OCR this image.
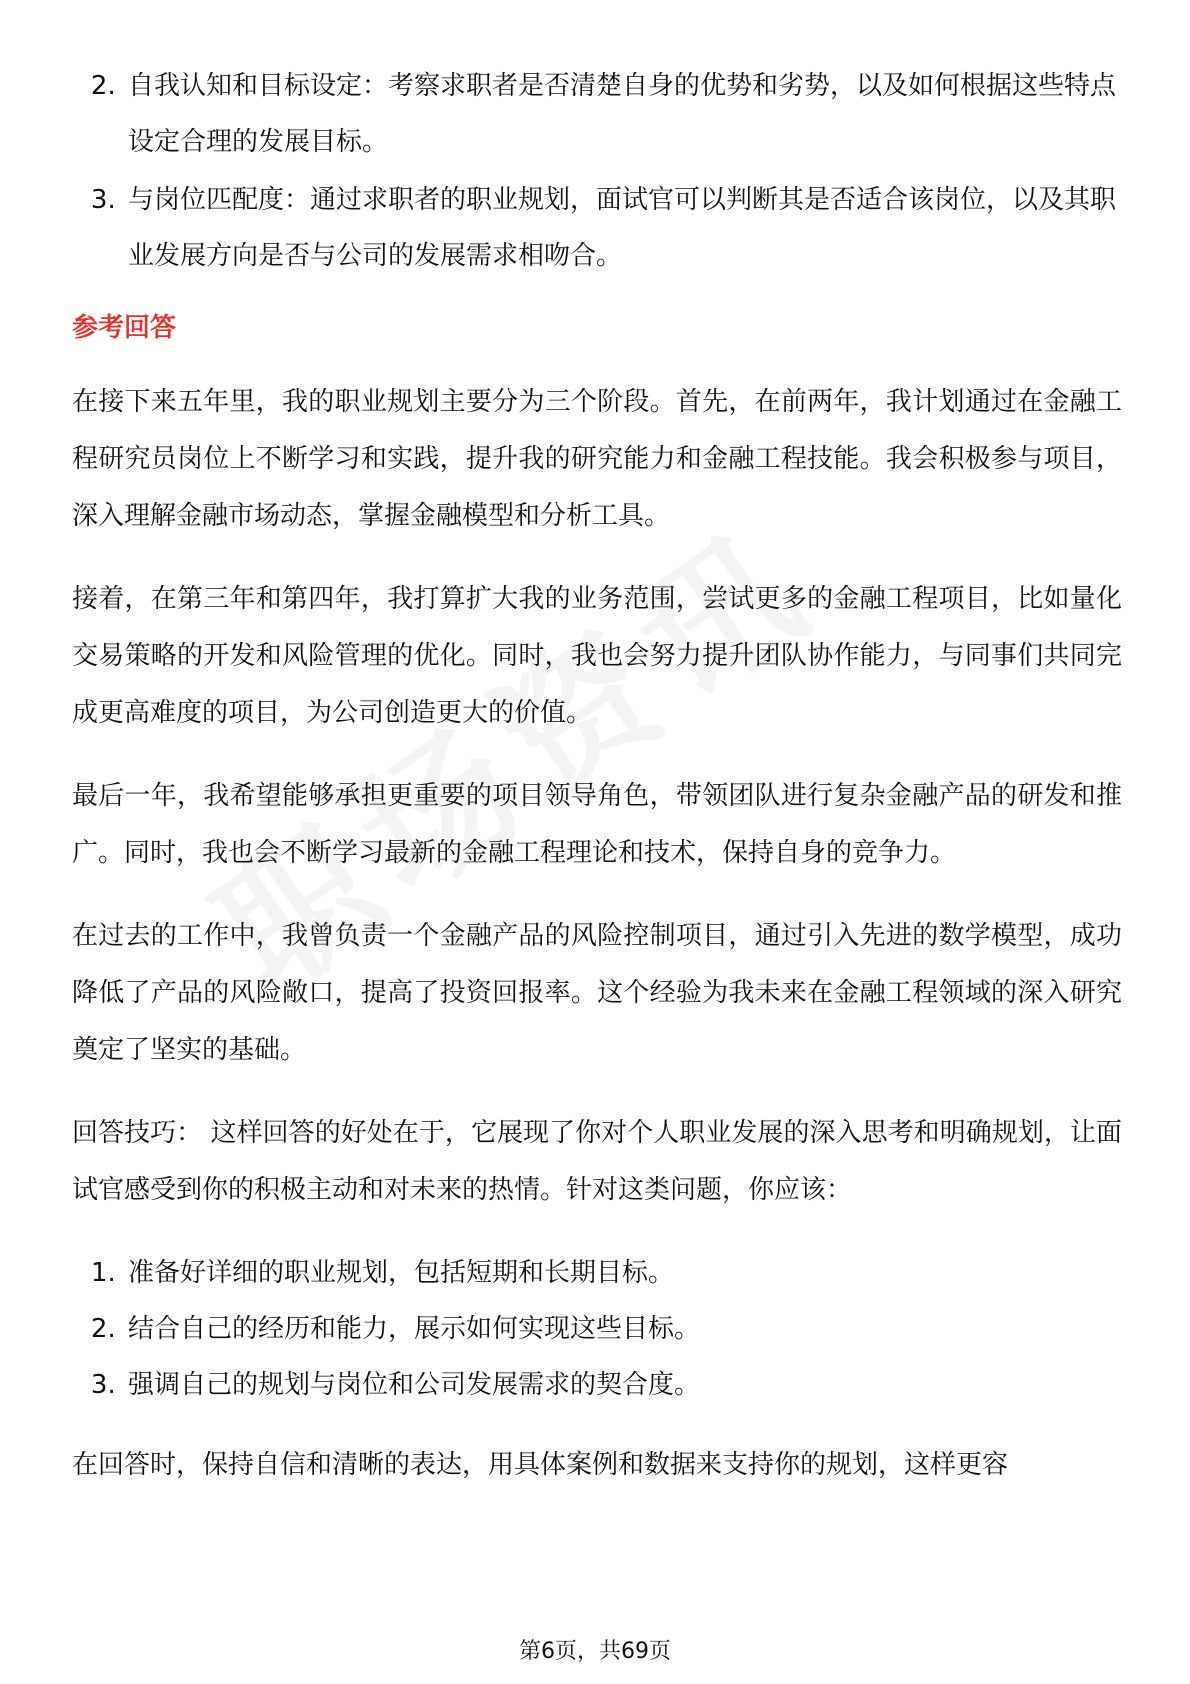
2. 自我认知和目标设定：考察求职者是否清楚自身的优势和劣势，以及如何根据这些特点设定合理的发展目标。
3. 与岗位匹配度：通过求职者的职业规划，面试官可以判断其是否适合该岗位，以及其职业发展方向是否与公司的发展需求相吻合。
参考回答

在接下来五年里，我的职业规划主要分为三个阶段。首先，在前两年，我计划通过在金融工程研究员岗位上不断学习和实践，提升我的研究能力和金融工程技能。我会积极参与项目，深入理解金融市场动态，掌握金融模型和分析工具。

接着，在第三年和第四年，我打算扩大我的业务范围，尝试更多的金融工程项目，比如量化交易策略的开发和风险管理的优化。同时，我也会努力提升团队协作能力，与同事们共同完成更高难度的项目，为公司创造更大的价值。

最后一年，我希望能够承担更重要的项目领导角色，带领团队进行复杂金融产品的研发和推广。同时，我也会不断学习最新的金融工程理论和技术，保持自身的竞争力。

在过去的工作中，我曾负责一个金融产品的风险控制项目，通过引入先进的数学模型，成功降低了产品的风险敞口，提高了投资回报率。这个经验为我未来在金融工程领域的深入研究奠定了坚实的基础。

回答技巧： 这样回答的好处在于，它展现了你对个人职业发展的深入思考和明确规划，让面试官感受到你的积极主动和对未来的热情。针对这类问题，你应该：

1. 准备好详细的职业规划，包括短期和长期目标。
2. 结合自己的经历和能力，展示如何实现这些目标。
3. 强调自己的规划与岗位和公司发展需求的契合度。

在回答时，保持自信和清晰的表达，用具体案例和数据来支持你的规划，这样更容

第6页，共69页
